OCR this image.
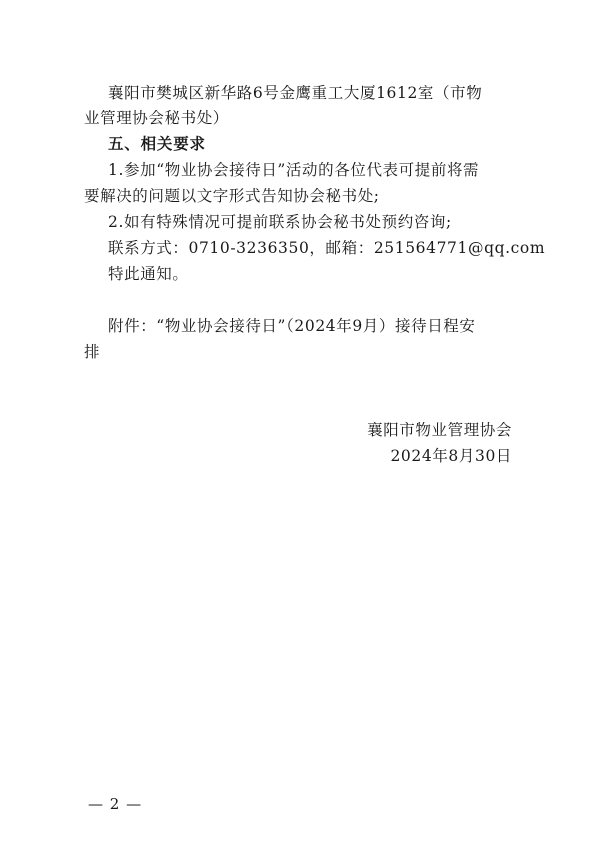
襄阳市樊城区新华路6号金鹰重工大厦1612室（市物
业管理协会秘书处）
五、相关要求
1.参加“物业协会接待日”活动的各位代表可提前将需
要解决的问题以文字形式告知协会秘书处;
2.如有特殊情况可提前联系协会秘书处预约咨询;
联系方式：0710-3236350，邮箱：251564771@qq.com
特此通知。
附件：“物业协会接待日”（2024年9月）接待日程安
排
襄阳市物业管理协会
2024年8月30日
— 2 —
